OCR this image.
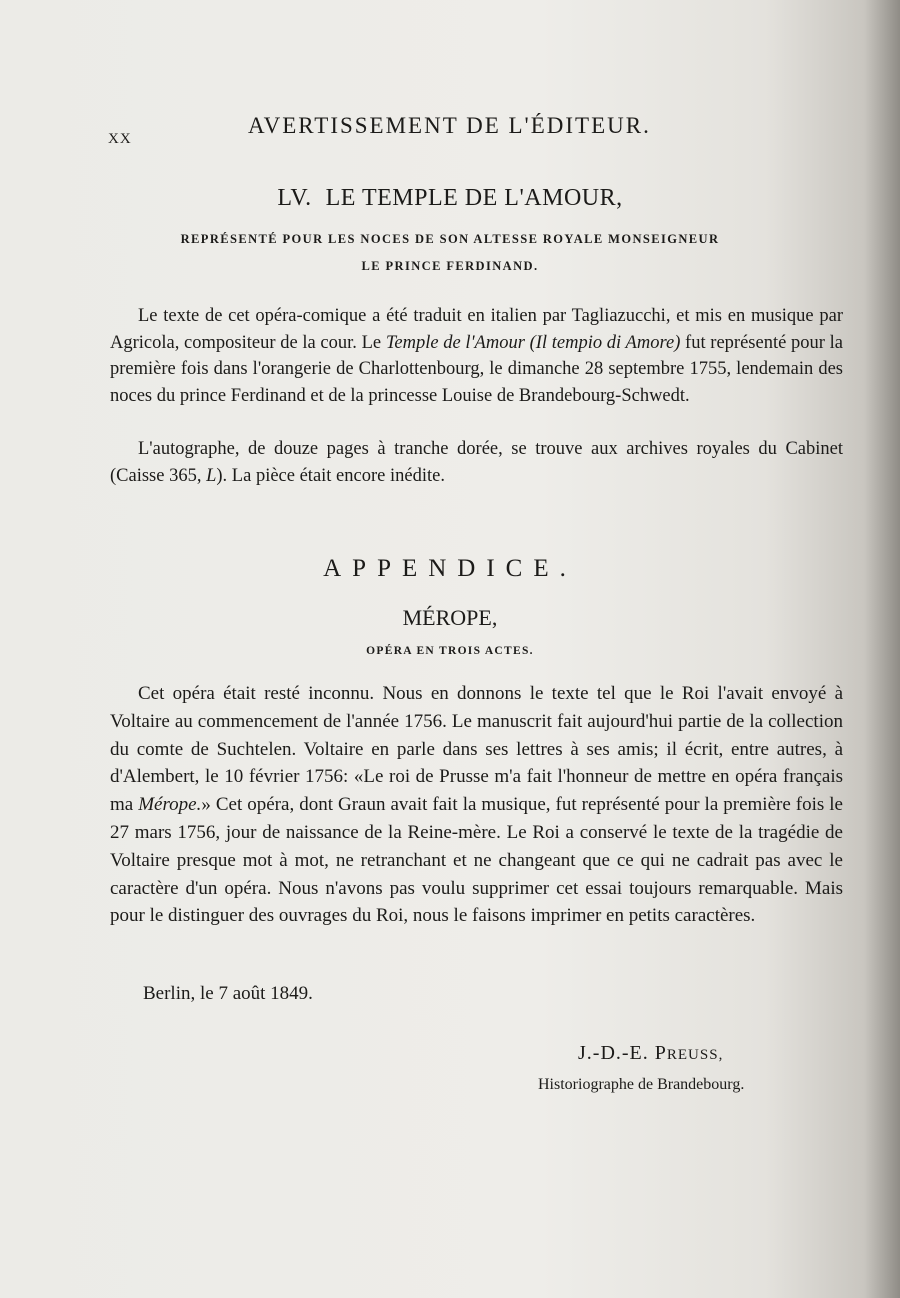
XX
AVERTISSEMENT DE L'ÉDITEUR.
LV. LE TEMPLE DE L'AMOUR,
REPRÉSENTÉ POUR LES NOCES DE SON ALTESSE ROYALE MONSEIGNEUR
LE PRINCE FERDINAND.

Le texte de cet opéra-comique a été traduit en italien par Tagliazucchi, et mis en musique par Agricola, compositeur de la cour. Le Temple de l'Amour (Il tempio di Amore) fut représenté pour la première fois dans l'orangerie de Charlottenbourg, le dimanche 28 septembre 1755, lendemain des noces du prince Ferdinand et de la princesse Louise de Brandebourg-Schwedt.

L'autographe, de douze pages à tranche dorée, se trouve aux archives royales du Cabinet (Caisse 365, L). La pièce était encore inédite.

APPENDICE.
MÉROPE,
OPÉRA EN TROIS ACTES.

Cet opéra était resté inconnu. Nous en donnons le texte tel que le Roi l'avait envoyé à Voltaire au commencement de l'année 1756. Le manuscrit fait aujourd'hui partie de la collection du comte de Suchtelen. Voltaire en parle dans ses lettres à ses amis; il écrit, entre autres, à d'Alembert, le 10 février 1756: «Le roi de Prusse m'a fait l'honneur de mettre en opéra français ma Mérope.» Cet opéra, dont Graun avait fait la musique, fut représenté pour la première fois le 27 mars 1756, jour de naissance de la Reine-mère. Le Roi a conservé le texte de la tragédie de Voltaire presque mot à mot, ne retranchant et ne changeant que ce qui ne cadrait pas avec le caractère d'un opéra. Nous n'avons pas voulu supprimer cet essai toujours remarquable. Mais pour le distinguer des ouvrages du Roi, nous le faisons imprimer en petits caractères.

Berlin, le 7 août 1849.
J.-D.-E. PREUSS,
Historiographe de Brandebourg.
